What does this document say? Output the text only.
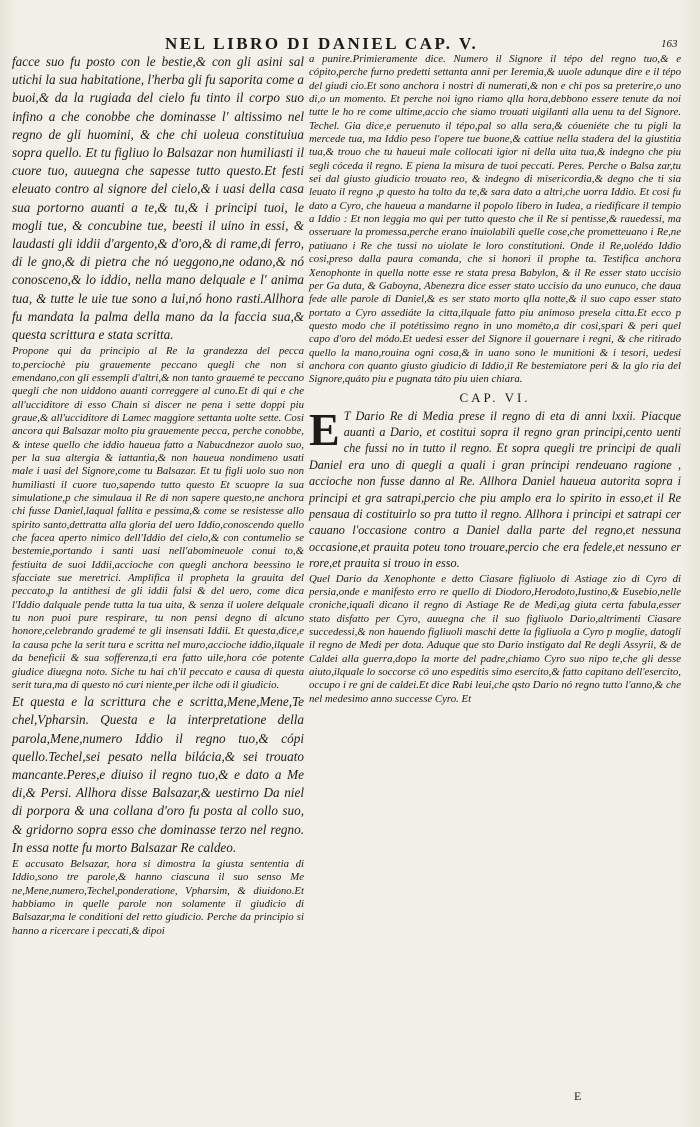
NEL LIBRO DI DANIEL CAP. V.	163

facce suo fu posto con le bestie,& con gli asini sal utichi la sua habitatione, l'herba gli fu saporita come a buoi,& da la rugiada del cielo fu tinto il corpo suo infino a che conobbe che dominasse l' altissimo nel regno de gli huomini, & che chi uoleua constituiua sopra quello. Et tu figliuo lo Balsazar non humiliasti il cuore tuo, auuegna che sapesse tutto questo.Et festi eleuato contro al signore del cielo,& i uasi della casa sua portorno auanti a te,& tu,& i principi tuoi, le mogli tue, & concubine tue, beesti il uino in essi, & laudasti gli iddii d'argento,& d'oro,& di rame,di ferro, di le gno,& di pietra che nó ueggono,ne odano,& nó conosceno,& lo iddio, nella mano delquale e l' anima tua, & tutte le uie tue sono a lui,nó hono rasti.Allhora fu mandata la palma della mano da la faccia sua,& questa scrittura e stata scritta.

Propone qui da principio al Re la grandezza del pecca to,perciochè piu grauemente peccano quegli che non si emendano,con gli essempli d'altri,& non tanto grauemé te peccano quegli che non uiddono auanti correggere al cuno.Et di qui e che all'ucciditore di esso Chain si discer ne pena i sette doppi piu graue,& all'ucciditore di Lamec maggiore settanta uolte sette. Cosi ancora qui Balsazar molto piu grauemente pecca, perche conobbe, & intese quello che iddio haueua fatto a Nabucdnezor auolo suo, per la sua altergia & iattantia,& non haueua nondimeno usati male i uasi del Signore,come tu Balsazar. Et tu figli uolo suo non humiliasti il cuore tuo,sapendo tutto questo Et scuopre la sua simulatione,p che simulaua il Re di non sapere questo,ne anchora chi fusse Daniel,laqual fallita e pessima,& come se resistesse allo spirito santo,dettratta alla gloria del uero Iddio,conoscendo quello che facea aperto nimico dell'Iddio del cielo,& con contumelio se bestemie,portando i santi uasi nell'abomineuole conui to,& festiuita de suoi Iddii,accioche con quegli anchora beessino le sfacciate sue meretrici. Amplifica il propheta la grauita del peccato,p la antithesi de gli iddii falsi & del uero, come dica l'Iddio dalquale pende tutta la tua uita, & senza il uolere delquale tu non puoi pure respirare, tu non pensi degno di alcuno honore,celebrando grademé te gli insensati Iddii. Et questa,dice,e la causa pche la serit tura e scritta nel muro,accioche iddio,ilquale da beneficii & sua sofferenza,ti era fatto uile,hora cóe potente giudice diuegna noto. Siche tu hai ch'il peccato e causa di questa serit tura,ma di questo nó curi niente,per ilche odi il giudicio.

Et questa e la scrittura che e scritta,Mene,Mene,Te chel,Vpharsin. Questa e la interpretatione della parola,Mene,numero Iddio il regno tuo,& cópi quello.Techel,sei pesato nella bilácia,& sei trouato mancante.Peres,e diuiso il regno tuo,& e dato a Me di,& Persi. Allhora disse Balsazar,& uestirno Da niel di porpora & una collana d'oro fu posta al collo suo, & gridorno sopra esso che dominasse terzo nel regno. In essa notte fu morto Balsazar Re caldeo.

E accusato Belsazar, hora si dimostra la giusta sententia di Iddio,sono tre parole,& hanno ciascuna il suo senso Me ne,Mene,numero,Techel,ponderatione, Vpharsim, & diuidono.Et habbiamo in quelle parole non solamente il giudicio di Balsazar,ma le conditioni del retto giudicio. Perche da principio si hanno a ricercare i peccati,& dipoi

a punire.Primieramente dice. Numero il Signore il tépo del regno tuo,& e cópito,perche furno predetti settanta anni per Ieremia,& uuole adunque dire e il tépo del giudi cio.Et sono anchora i nostri di numerati,& non e chi pos sa preterire,o uno di,o un momento. Et perche noi igno riamo qlla hora,debbono essere tenute da noi tutte le ho re come ultime,accio che siamo trouati uigilanti alla uenu ta del Signore. Techel. Gia dice,e peruenuto il tépo,pal so alla sera,& cóueniéte che tu pigli la mercede tua, ma Iddio peso l'opere tue buone,& cattiue nella stadera del la giustitia tua,& trouo che tu haueui male collocati igior ni della uita tua,& indegno che piu segli cóceda il regno. E piena la misura de tuoi peccati. Peres. Perche o Balsa zar,tu sei dal giusto giudicio trouato reo, & indegno di misericordia,& degno che ti sia leuato il regno ,p questo ha tolto da te,& sara dato a altri,che uorra Iddio. Et cosi fu dato a Cyro, che haueua a mandarne il popolo libero in Iudea, a riedificare il tempio a Iddio : Et non leggia mo qui per tutto questo che il Re si pentisse,& rauedessi, ma osseruare la promessa,perche erano inuiolabili quelle cose,che prometteuano i Re,ne patiuano i Re che tussi no uiolate le loro constitutioni. Onde il Re,uolédo Iddio cosi,preso dalla paura comanda, che si honori il prophe ta. Testifica anchora Xenophonte in quella notte esse re stata presa Babylon, & il Re esser stato uccisio per Ga duta, & Gaboyna, Abenezra dice esser stato uccisio da uno eunuco, che daua fede alle parole di Daniel,& es ser stato morto qlla notte,& il suo capo esser stato portato a Cyro assediáte la citta,ilquale fatto piu animoso presela citta.Et ecco p questo modo che il potétissimo regno in uno mométo,a dir cosi,spari & peri quel capo d'oro del módo.Et uedesi esser del Signore il gouernare i regni, & che ritirado quello la mano,rouina ogni cosa,& in uano sono le munitioni & i tesori, uedesi anchora con quanto giusto giudicio di Iddio,il Re bestemiatore peri & la glo ria del Signore,quáto piu e pugnata táto piu uien chiara.

CAP. VI.

E T Dario Re di Media prese il regno di eta di anni lxxii. Piacque auanti a Dario, et costitui sopra il regno gran principi,cento uenti che fussi no in tutto il regno. Et sopra quegli tre principi de quali Daniel era uno di quegli a quali i gran principi rendeuano ragione , accioche non fusse danno al Re. Allhora Daniel haueua autorita sopra i principi et gra satrapi,percio che piu amplo era lo spirito in esso,et il Re pensaua di costituirlo so pra tutto il regno. Allhora i principi et satrapi cer cauano l'occasione contro a Daniel dalla parte del regno,et nessuna occasione,et prauita poteu tono trouare,percio che era fedele,et nessuno er rore,et prauita si trouo in esso.

Quel Dario da Xenophonte e detto Ciasare figliuolo di Astiage zio di Cyro di persia,onde e manifesto erro re quello di Diodoro,Herodoto,Iustino,& Eusebio,nelle croniche,iquali dicano il regno di Astiage Re de Medi,ag giuta certa fabula,esser stato disfatto per Cyro, auuegna che il suo figliuolo Dario,altrimenti Ciasare succedessi,& non hauendo figliuoli maschi dette la figliuola a Cyro p moglie, datogli il regno de Medi per dota. Aduque que sto Dario instigato dal Re degli Assyrii, & de Caldei alla guerra,dopo la morte del padre,chiamo Cyro suo nipo te,che gli desse aiuto,ilquale lo soccorse có uno espeditis simo esercito,& fatto capitano dell'esercito, occupo i re gni de caldei.Et dice Rabi leui,che qsto Dario nó regno tutto l'anno,& che nel medesimo anno successe Cyro. Et

E
